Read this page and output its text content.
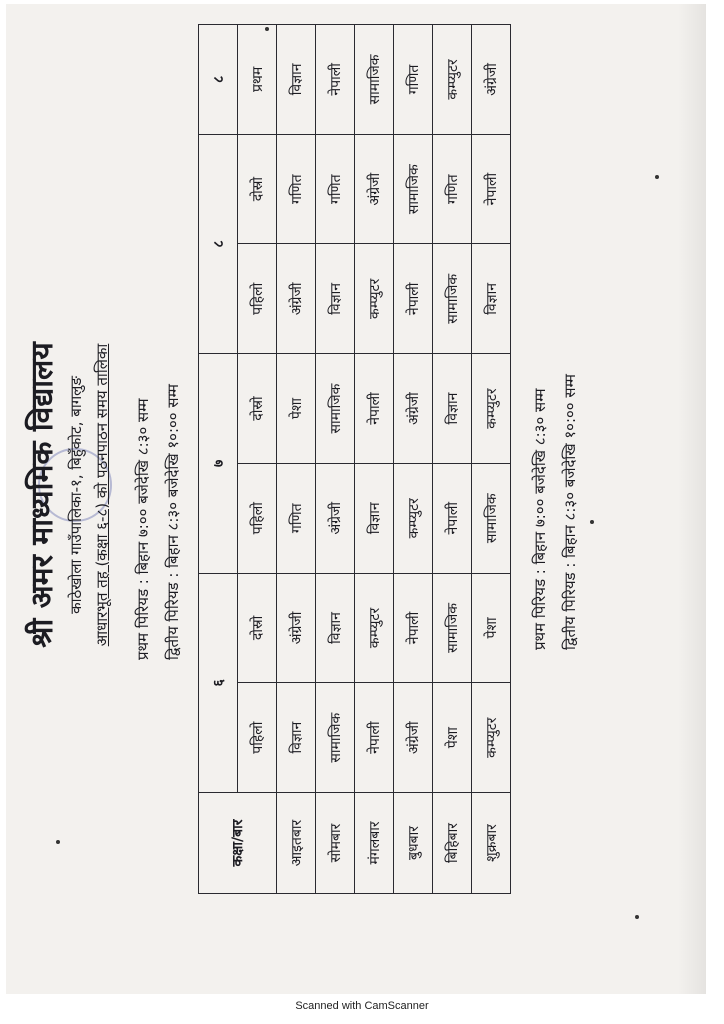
श्री अमर माध्यमिक विद्यालय काठेखोला गाउँपालिका-१, बिहुँकोट, बागलुङ आधारभूत तह (कक्षा ६-८) को पठनपाठन समय तालिका प्रथम पिरियड : बिहान ७:०० बजेदेखि ८:३० सम्म द्वितीय पिरियड : बिहान ८:३० बजेदेखि १०:०० सम्म
कक्षा/बार	६		७		८		८
	पहिलो	दोस्रो	पहिलो	दोस्रो	पहिलो	दोस्रो	प्रथम
आइतबार	विज्ञान	अंग्रेजी	गणित	पेशा	अंग्रेजी	गणित	विज्ञान
सोमबार	सामाजिक	विज्ञान	अंग्रेजी	सामाजिक	विज्ञान	गणित	नेपाली
मंगलबार	नेपाली	कम्प्युटर	विज्ञान	नेपाली	कम्प्युटर	अंग्रेजी	सामाजिक
बुधबार	अंग्रेजी	नेपाली	कम्प्युटर	अंग्रेजी	नेपाली	सामाजिक	गणित
बिहिबार	पेशा	सामाजिक	नेपाली	विज्ञान	सामाजिक	गणित	कम्प्युटर
शुक्रबार	कम्प्युटर	पेशा	सामाजिक	कम्प्युटर	विज्ञान	नेपाली	अंग्रेजी
प्रथम पिरियड : बिहान ७:०० बजेदेखि ८:३० सम्म द्वितीय पिरियड : बिहान ८:३० बजेदेखि १०:०० सम्म
Scanned with CamScanner
